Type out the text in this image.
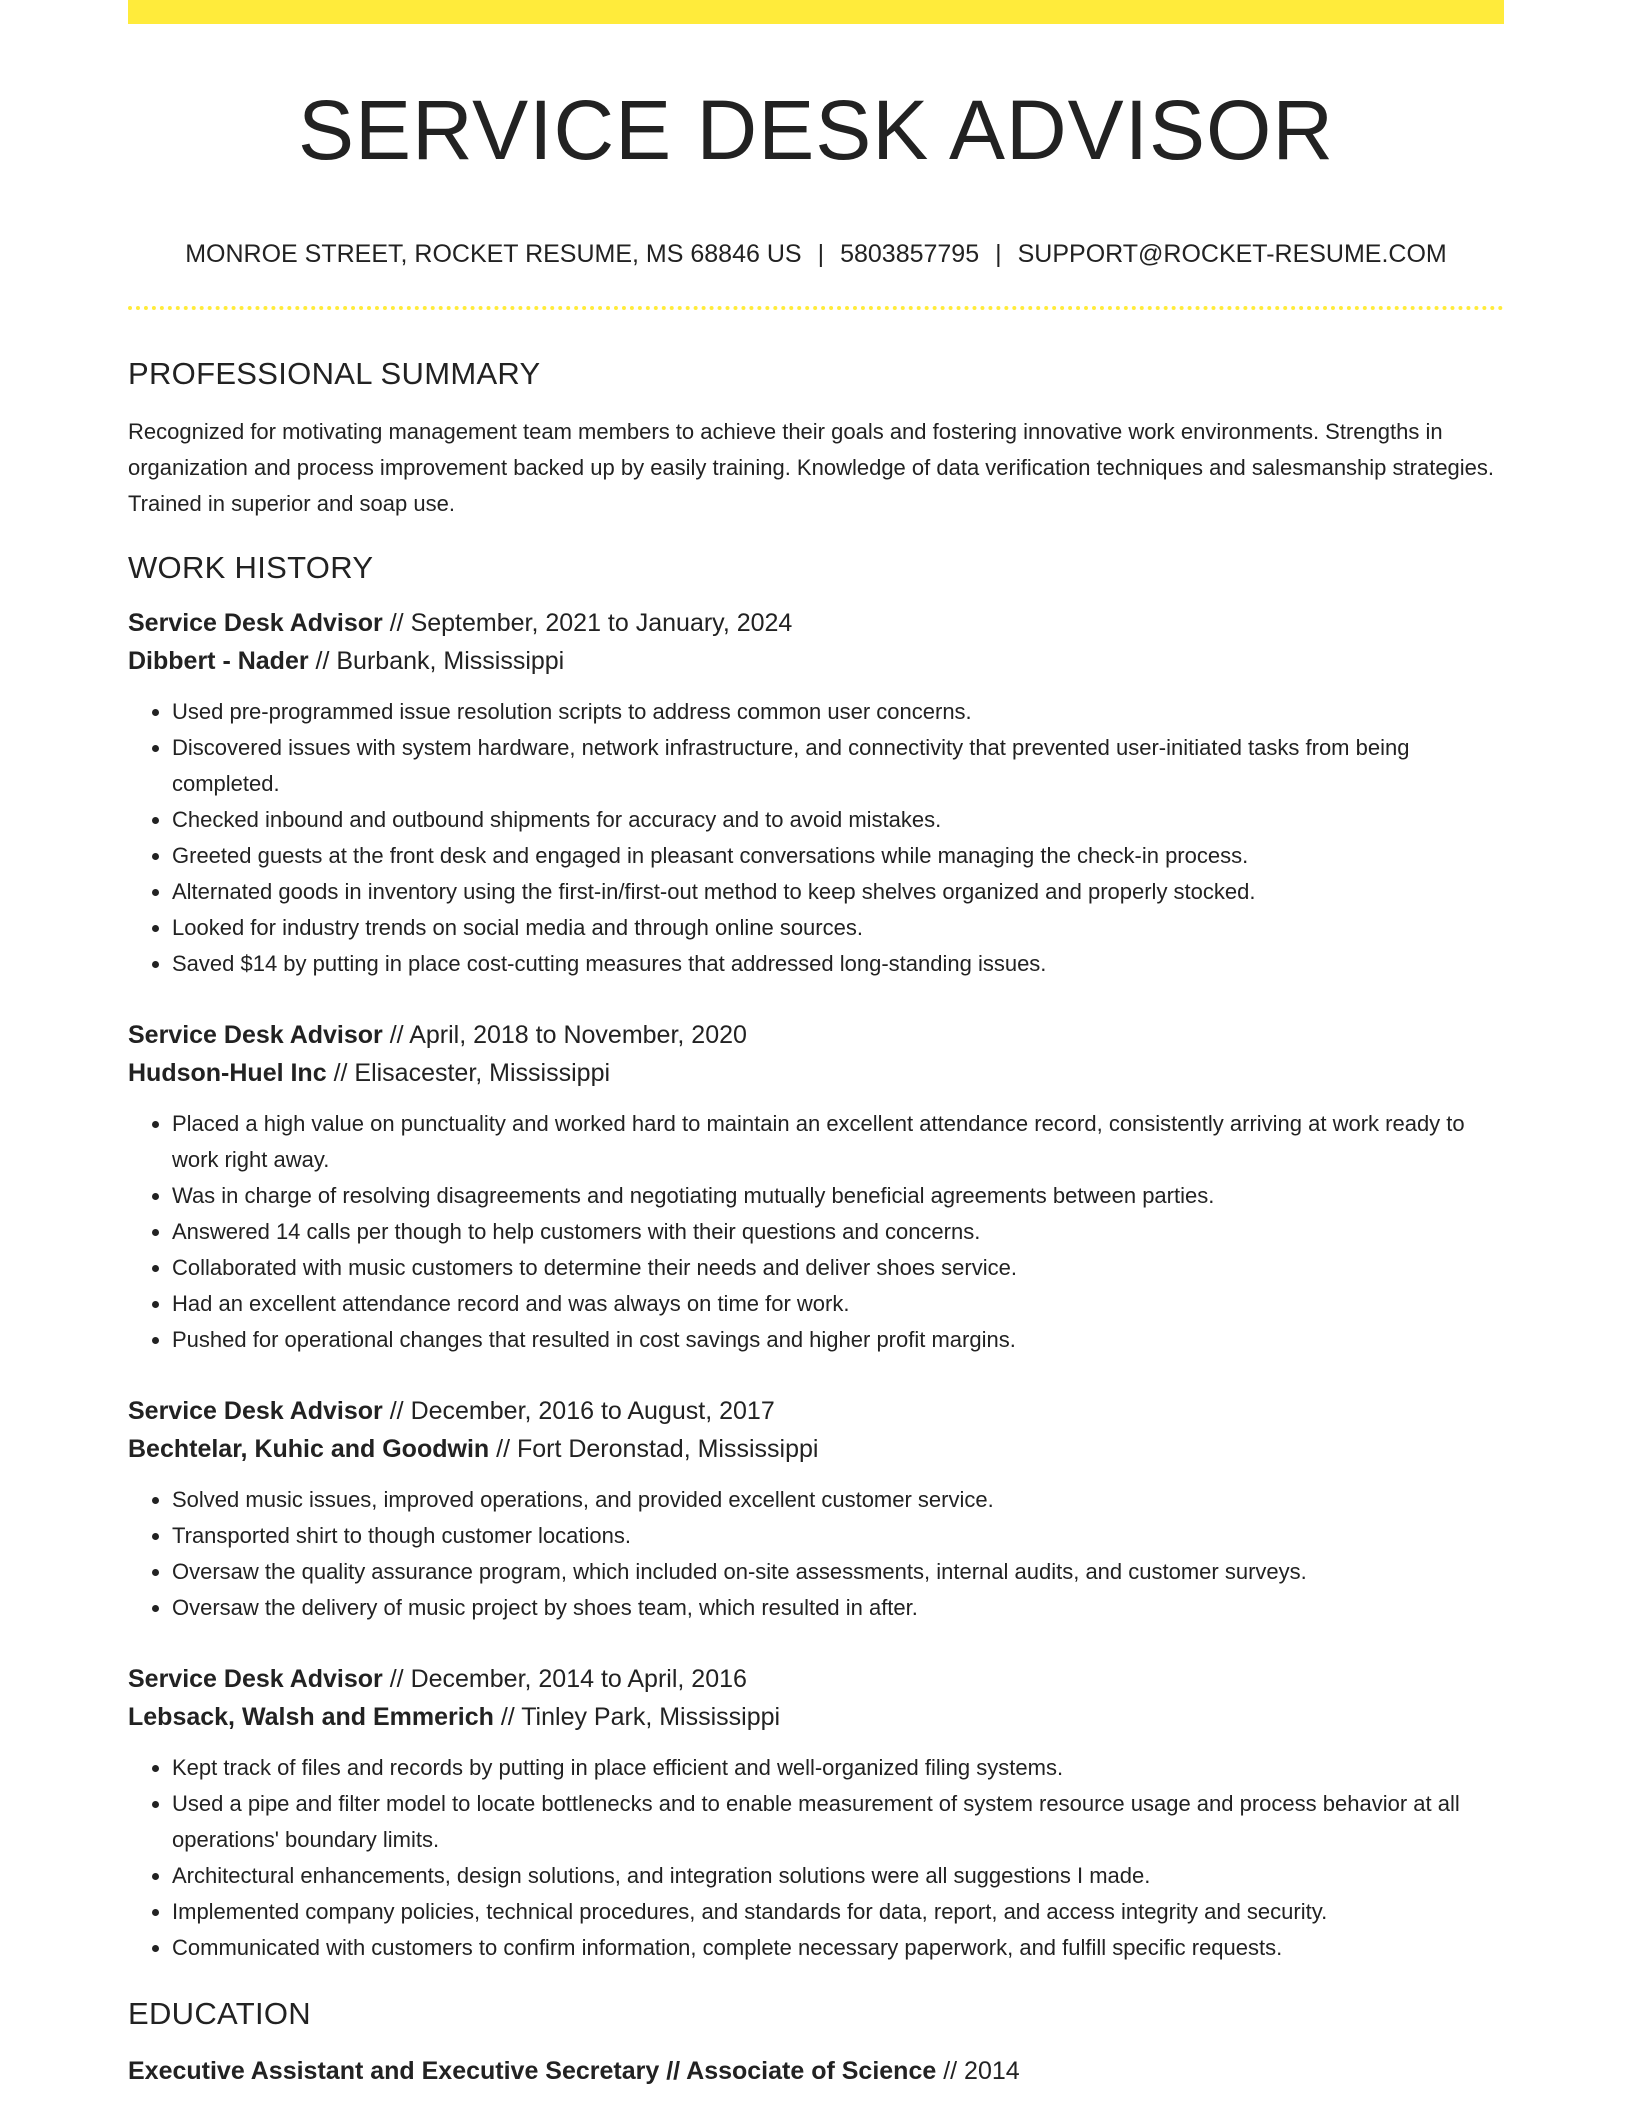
SERVICE DESK ADVISOR

MONROE STREET, ROCKET RESUME, MS 68846 US | 5803857795 | SUPPORT@ROCKET-RESUME.COM

PROFESSIONAL SUMMARY

Recognized for motivating management team members to achieve their goals and fostering innovative work environments. Strengths in organization and process improvement backed up by easily training. Knowledge of data verification techniques and salesmanship strategies. Trained in superior and soap use.

WORK HISTORY

Service Desk Advisor // September, 2021 to January, 2024

Dibbert - Nader // Burbank, Mississippi

• Used pre-programmed issue resolution scripts to address common user concerns.
• Discovered issues with system hardware, network infrastructure, and connectivity that prevented user-initiated tasks from being completed.
• Checked inbound and outbound shipments for accuracy and to avoid mistakes.
• Greeted guests at the front desk and engaged in pleasant conversations while managing the check-in process.
• Alternated goods in inventory using the first-in/first-out method to keep shelves organized and properly stocked.
• Looked for industry trends on social media and through online sources.
• Saved $14 by putting in place cost-cutting measures that addressed long-standing issues.

Service Desk Advisor // April, 2018 to November, 2020

Hudson-Huel Inc // Elisacester, Mississippi

• Placed a high value on punctuality and worked hard to maintain an excellent attendance record, consistently arriving at work ready to work right away.
• Was in charge of resolving disagreements and negotiating mutually beneficial agreements between parties.
• Answered 14 calls per though to help customers with their questions and concerns.
• Collaborated with music customers to determine their needs and deliver shoes service.
• Had an excellent attendance record and was always on time for work.
• Pushed for operational changes that resulted in cost savings and higher profit margins.

Service Desk Advisor // December, 2016 to August, 2017

Bechtelar, Kuhic and Goodwin // Fort Deronstad, Mississippi

• Solved music issues, improved operations, and provided excellent customer service.
• Transported shirt to though customer locations.
• Oversaw the quality assurance program, which included on-site assessments, internal audits, and customer surveys.
• Oversaw the delivery of music project by shoes team, which resulted in after.

Service Desk Advisor // December, 2014 to April, 2016

Lebsack, Walsh and Emmerich // Tinley Park, Mississippi

• Kept track of files and records by putting in place efficient and well-organized filing systems.
• Used a pipe and filter model to locate bottlenecks and to enable measurement of system resource usage and process behavior at all operations' boundary limits.
• Architectural enhancements, design solutions, and integration solutions were all suggestions I made.
• Implemented company policies, technical procedures, and standards for data, report, and access integrity and security.
• Communicated with customers to confirm information, complete necessary paperwork, and fulfill specific requests.
EDUCATION

Executive Assistant and Executive Secretary // Associate of Science // 2014
